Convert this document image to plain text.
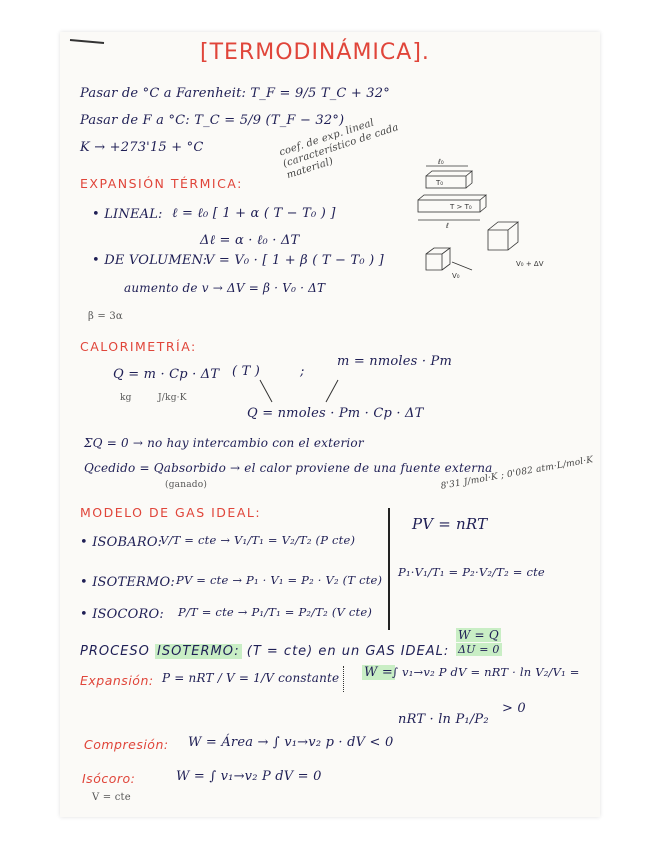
[TERMODINÁMICA].
Pasar de °C a Farenheit: T_F = 9/5 T_C + 32°
Pasar de F a °C: T_C = 5/9 (T_F − 32°)
K → +273'15 + °C
EXPANSIÓN TÉRMICA:
coef. de exp. lineal (característico de cada material)
• LINEAL: ℓ = ℓ₀ [ 1 + α ( T − T₀ ) ]
Δℓ = α · ℓ₀ · ΔT
• DE VOLUMEN:
V = V₀ · [ 1 + β ( T − T₀ ) ]
aumento de v → ΔV = β · V₀ · ΔT
β = 3α
ℓ₀
T₀
ℓ
T > T₀
V₀
V₀ + ΔV
CALORIMETRÍA:
Q = m · Cp · ΔT
kg	J/kg·K
( T )	;
m = nmoles · Pm
Q = nmoles · Pm · Cp · ΔT
ΣQ = 0 → no hay intercambio con el exterior
Qcedido = Qabsorbido → el calor proviene de una fuente externa
(ganado)
MODELO DE GAS IDEAL:
8'31 J/mol·K ; 0'082 atm·L/mol·K
• ISOBARO:
V/T = cte → V₁/T₁ = V₂/T₂ (P cte)
• ISOTERMO: PV = cte → P₁ · V₁ = P₂ · V₂ (T cte)
• ISOCORO: P/T = cte → P₁/T₁ = P₂/T₂ (V cte)
PV = nRT
P₁·V₁/T₁ = P₂·V₂/T₂ = cte
PROCESO ISOTERMO: (T = cte) en un GAS IDEAL:
W = Q
ΔU = 0
Expansión: P = nRT / V = 1/V constante W = ∫ v₁→v₂ P dV = nRT · ln V₂/V₁ =
nRT · ln P₁/P₂
> 0
Compresión: W = Área → ∫ v₁→v₂ p · dV < 0
Isócoro:	W = ∫ v₁→v₂ P dV = 0
V = cte
